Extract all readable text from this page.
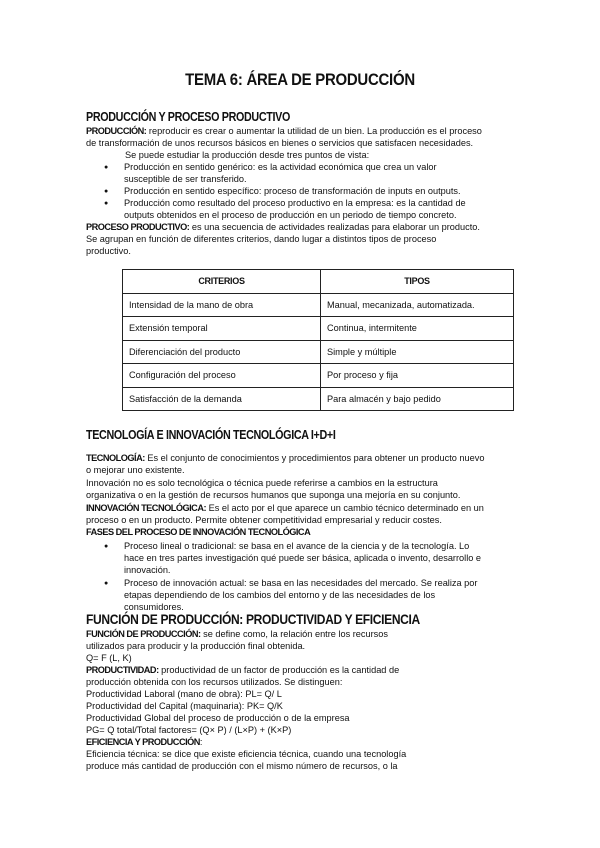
TEMA 6: ÁREA DE PRODUCCIÓN
PRODUCCIÓN Y PROCESO PRODUCTIVO
PRODUCCIÓN: reproducir es crear o aumentar la utilidad de un bien. La producción es el proceso
de transformación de unos recursos básicos en bienes o servicios que satisfacen necesidades.
Se puede estudiar la producción desde tres puntos de vista:
Producción en sentido genérico: es la actividad económica que crea un valor
susceptible de ser transferido.
Producción en sentido específico: proceso de transformación de inputs en outputs.
Producción como resultado del proceso productivo en la empresa: es la cantidad de
outputs obtenidos en el proceso de producción en un periodo de tiempo concreto.
PROCESO PRODUCTIVO: es una secuencia de actividades realizadas para elaborar un producto.
Se agrupan en función de diferentes criterios, dando lugar a distintos tipos de proceso
productivo.
CRITERIOS	TIPOS
Intensidad de la mano de obra	Manual, mecanizada, automatizada.
Extensión temporal	Continua, intermitente
Diferenciación del producto	Simple y múltiple
Configuración del proceso	Por proceso y fija
Satisfacción de la demanda	Para almacén y bajo pedido
TECNOLOGÍA E INNOVACIÓN TECNOLÓGICA I+D+I
TECNOLOGÍA: Es el conjunto de conocimientos y procedimientos para obtener un producto nuevo
o mejorar uno existente.
Innovación no es solo tecnológica o técnica puede referirse a cambios en la estructura
organizativa o en la gestión de recursos humanos que suponga una mejoría en su conjunto.
INNOVACIÓN TECNOLÓGICA: Es el acto por el que aparece un cambio técnico determinado en un
proceso o en un producto. Permite obtener competitividad empresarial y reducir costes.
FASES DEL PROCESO DE INNOVACIÓN TECNOLÓGICA
Proceso lineal o tradicional: se basa en el avance de la ciencia y de la tecnología. Lo
hace en tres partes investigación qué puede ser básica, aplicada o invento, desarrollo e
innovación.
Proceso de innovación actual: se basa en las necesidades del mercado. Se realiza por
etapas dependiendo de los cambios del entorno y de las necesidades de los
consumidores.
FUNCIÓN DE PRODUCCIÓN: PRODUCTIVIDAD Y EFICIENCIA
FUNCIÓN DE PRODUCCIÓN: se define como, la relación entre los recursos
utilizados para producir y la producción final obtenida.
Q= F (L, K)
PRODUCTIVIDAD: productividad de un factor de producción es la cantidad de
producción obtenida con los recursos utilizados. Se distinguen:
Productividad Laboral (mano de obra): PL= Q/ L
Productividad del Capital (maquinaria): PK= Q/K
Productividad Global del proceso de producción o de la empresa
PG= Q total/Total factores= (Q× P) / (L×P) + (K×P)
EFICIENCIA Y PRODUCCIÓN:
Eficiencia técnica: se dice que existe eficiencia técnica, cuando una tecnología
produce más cantidad de producción con el mismo número de recursos, o la
